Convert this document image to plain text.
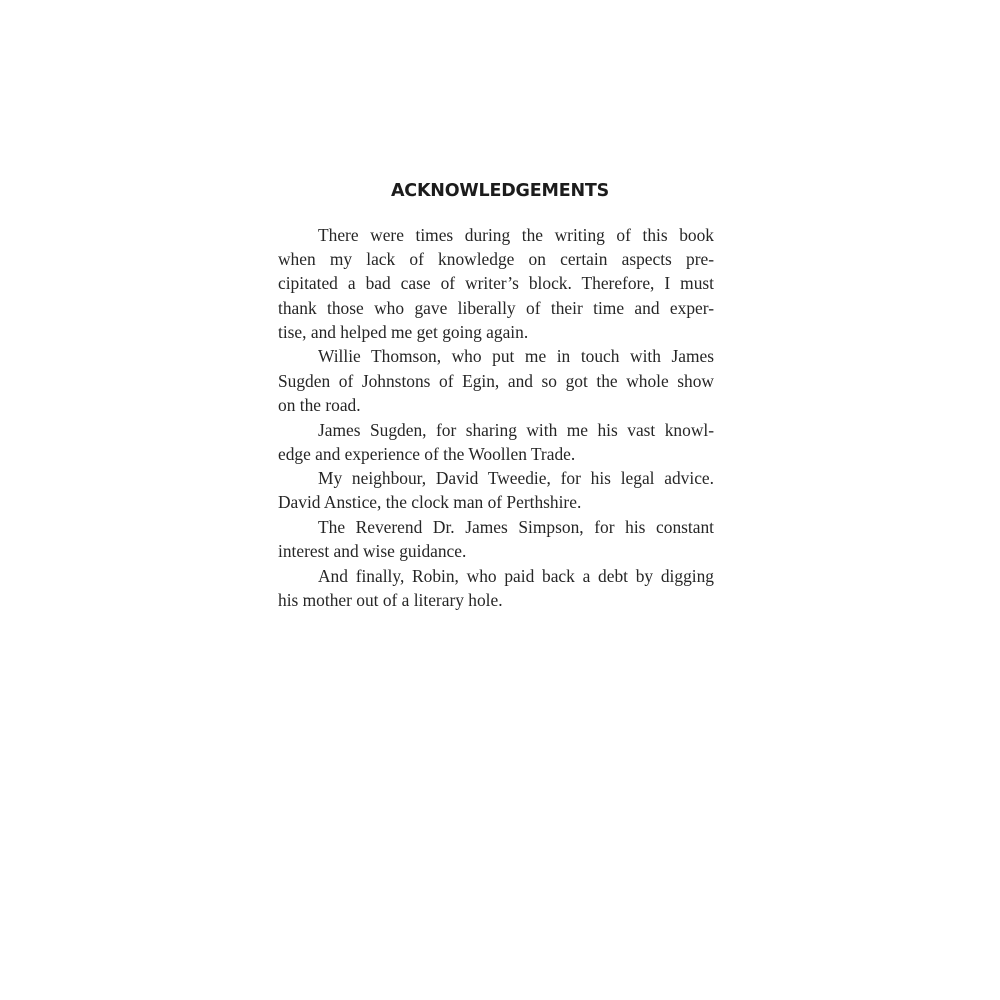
ACKNOWLEDGEMENTS

There were times during the writing of this book

when my lack of knowledge on certain aspects pre-

cipitated a bad case of writer’s block. Therefore, I must

thank those who gave liberally of their time and exper-

tise, and helped me get going again.

Willie Thomson, who put me in touch with James

Sugden of Johnstons of Egin, and so got the whole show

on the road.

James Sugden, for sharing with me his vast knowl-

edge and experience of the Woollen Trade.

My neighbour, David Tweedie, for his legal advice.

David Anstice, the clock man of Perthshire.

The Reverend Dr. James Simpson, for his constant

interest and wise guidance.

And finally, Robin, who paid back a debt by digging

his mother out of a literary hole.
